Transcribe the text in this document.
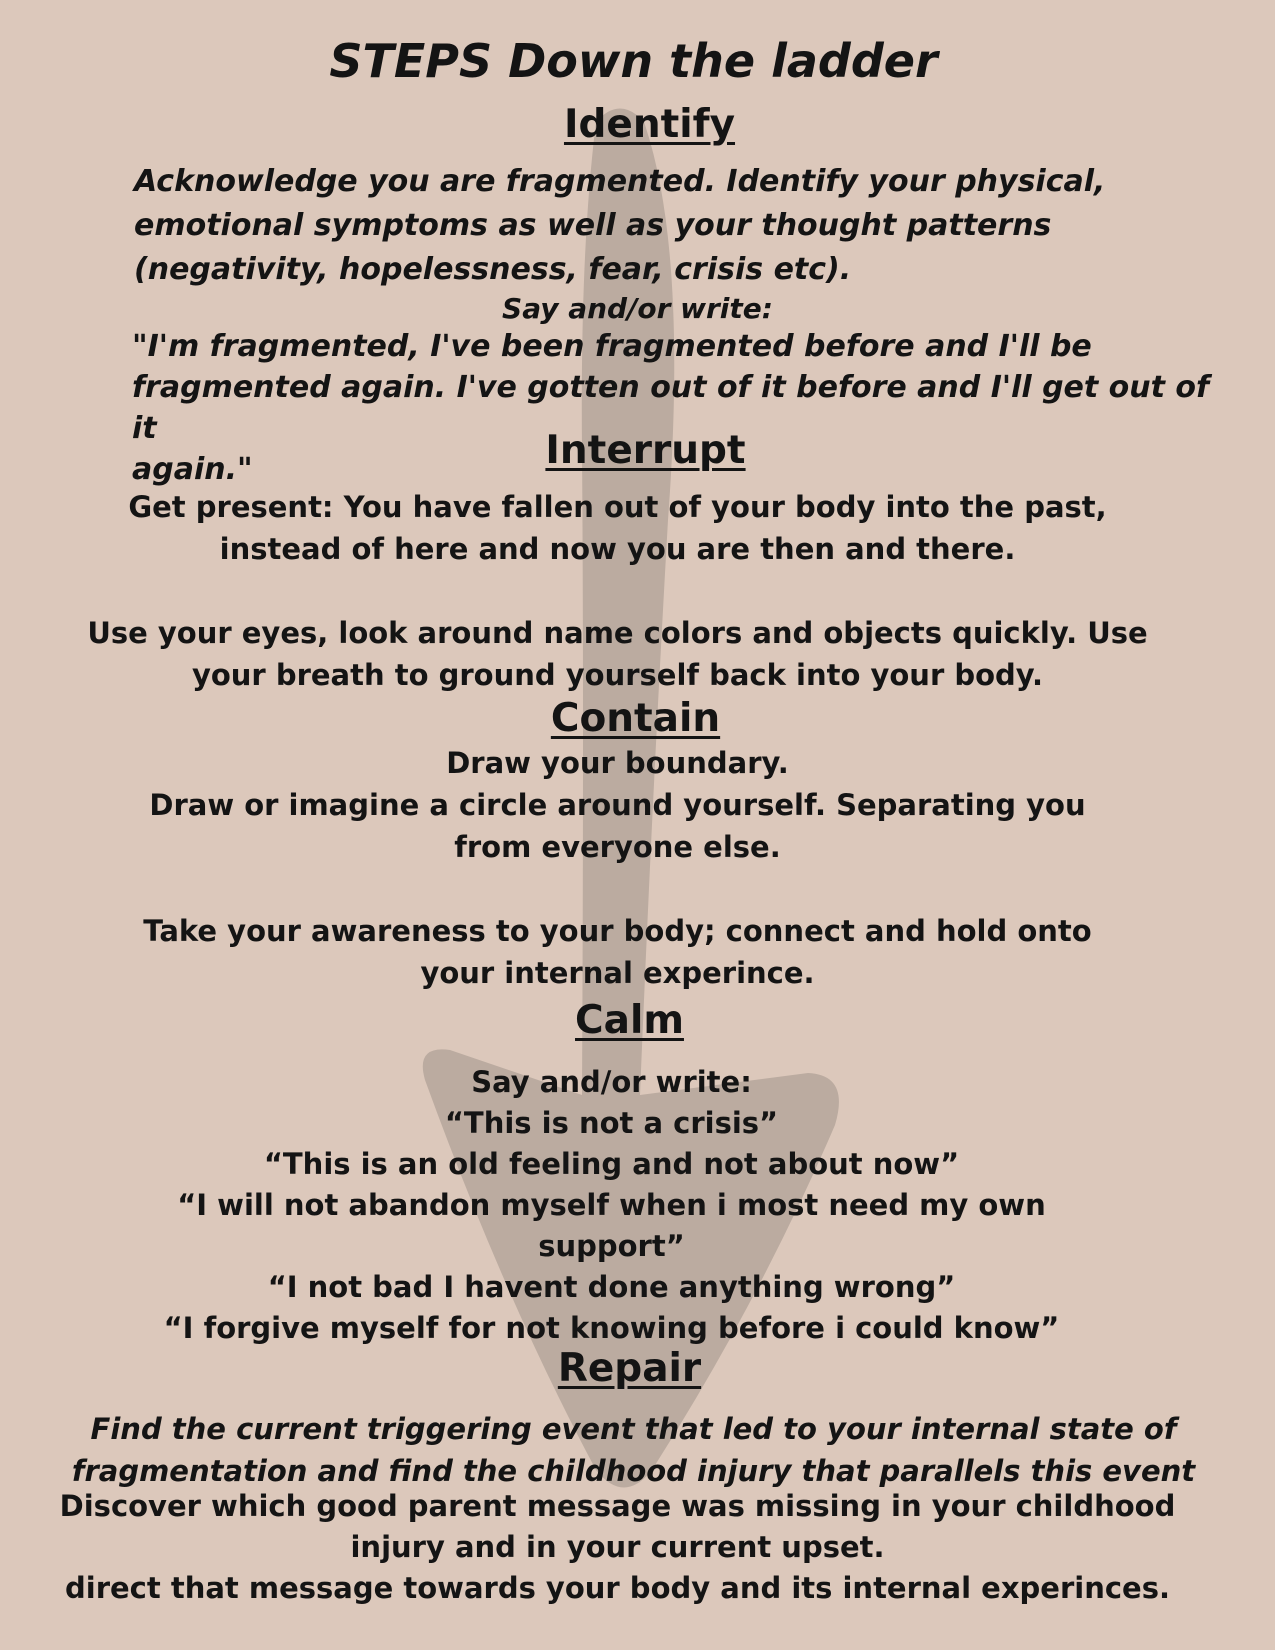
STEPS Down the ladder
Identify
Acknowledge you are fragmented. Identify your physical,
emotional symptoms as well as your thought patterns
(negativity, hopelessness, fear, crisis etc).
Say and/or write:
"I'm fragmented, I've been fragmented before and I'll be
fragmented again. I've gotten out of it before and I'll get out of it
again."	Interrupt
Get present: You have fallen out of your body into the past,
instead of here and now you are then and there.
Use your eyes, look around name colors and objects quickly. Use
your breath to ground yourself back into your body.
Contain
Draw your boundary.
Draw or imagine a circle around yourself. Separating you
from everyone else.
Take your awareness to your body; connect and hold onto
your internal experince.
Calm
Say and/or write:
“This is not a crisis”
“This is an old feeling and not about now”
“I will not abandon myself when i most need my own
support”
“I not bad I havent done anything wrong”
“I forgive myself for not knowing before i could know”
Repair
Find the current triggering event that led to your internal state of
fragmentation and find the childhood injury that parallels this event
Discover which good parent message was missing in your childhood
injury and in your current upset.
direct that message towards your body and its internal experinces.
